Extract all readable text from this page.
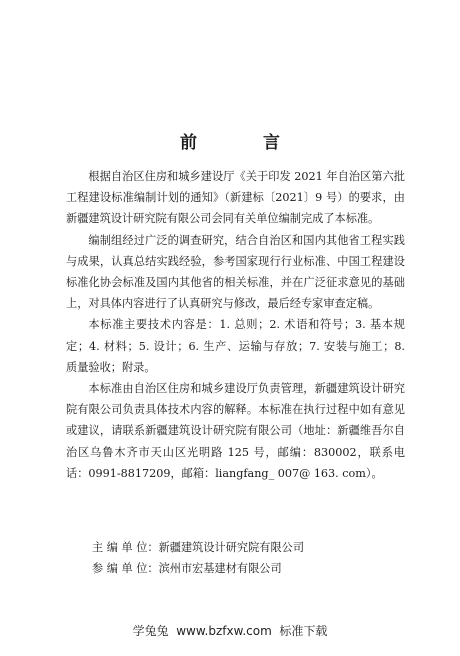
前 言

根据自治区住房和城乡建设厅《关于印发 2021 年自治区第六批工程建设标准编制计划的通知》（新建标〔2021〕9 号）的要求，由新疆建筑设计研究院有限公司会同有关单位编制完成了本标准。

编制组经过广泛的调查研究，结合自治区和国内其他省工程实践与成果，认真总结实践经验，参考国家现行行业标准、中国工程建设标准化协会标准及国内其他省的相关标准，并在广泛征求意见的基础上，对具体内容进行了认真研究与修改，最后经专家审查定稿。

本标准主要技术内容是：1. 总则；2. 术语和符号；3. 基本规定；4. 材料；5. 设计；6. 生产、运输与存放；7. 安装与施工；8. 质量验收；附录。

本标准由自治区住房和城乡建设厅负责管理，新疆建筑设计研究院有限公司负责具体技术内容的解释。本标准在执行过程中如有意见或建议，请联系新疆建筑设计研究院有限公司（地址：新疆维吾尔自治区乌鲁木齐市天山区光明路 125 号，邮编：830002，联系电话：0991-8817209，邮箱：liangfang_ 007@ 163. com）。

主 编 单 位：新疆建筑设计研究院有限公司
参 编 单 位：滨州市宏基建材有限公司
学兔兔  www.bzfxw.com  标准下载
